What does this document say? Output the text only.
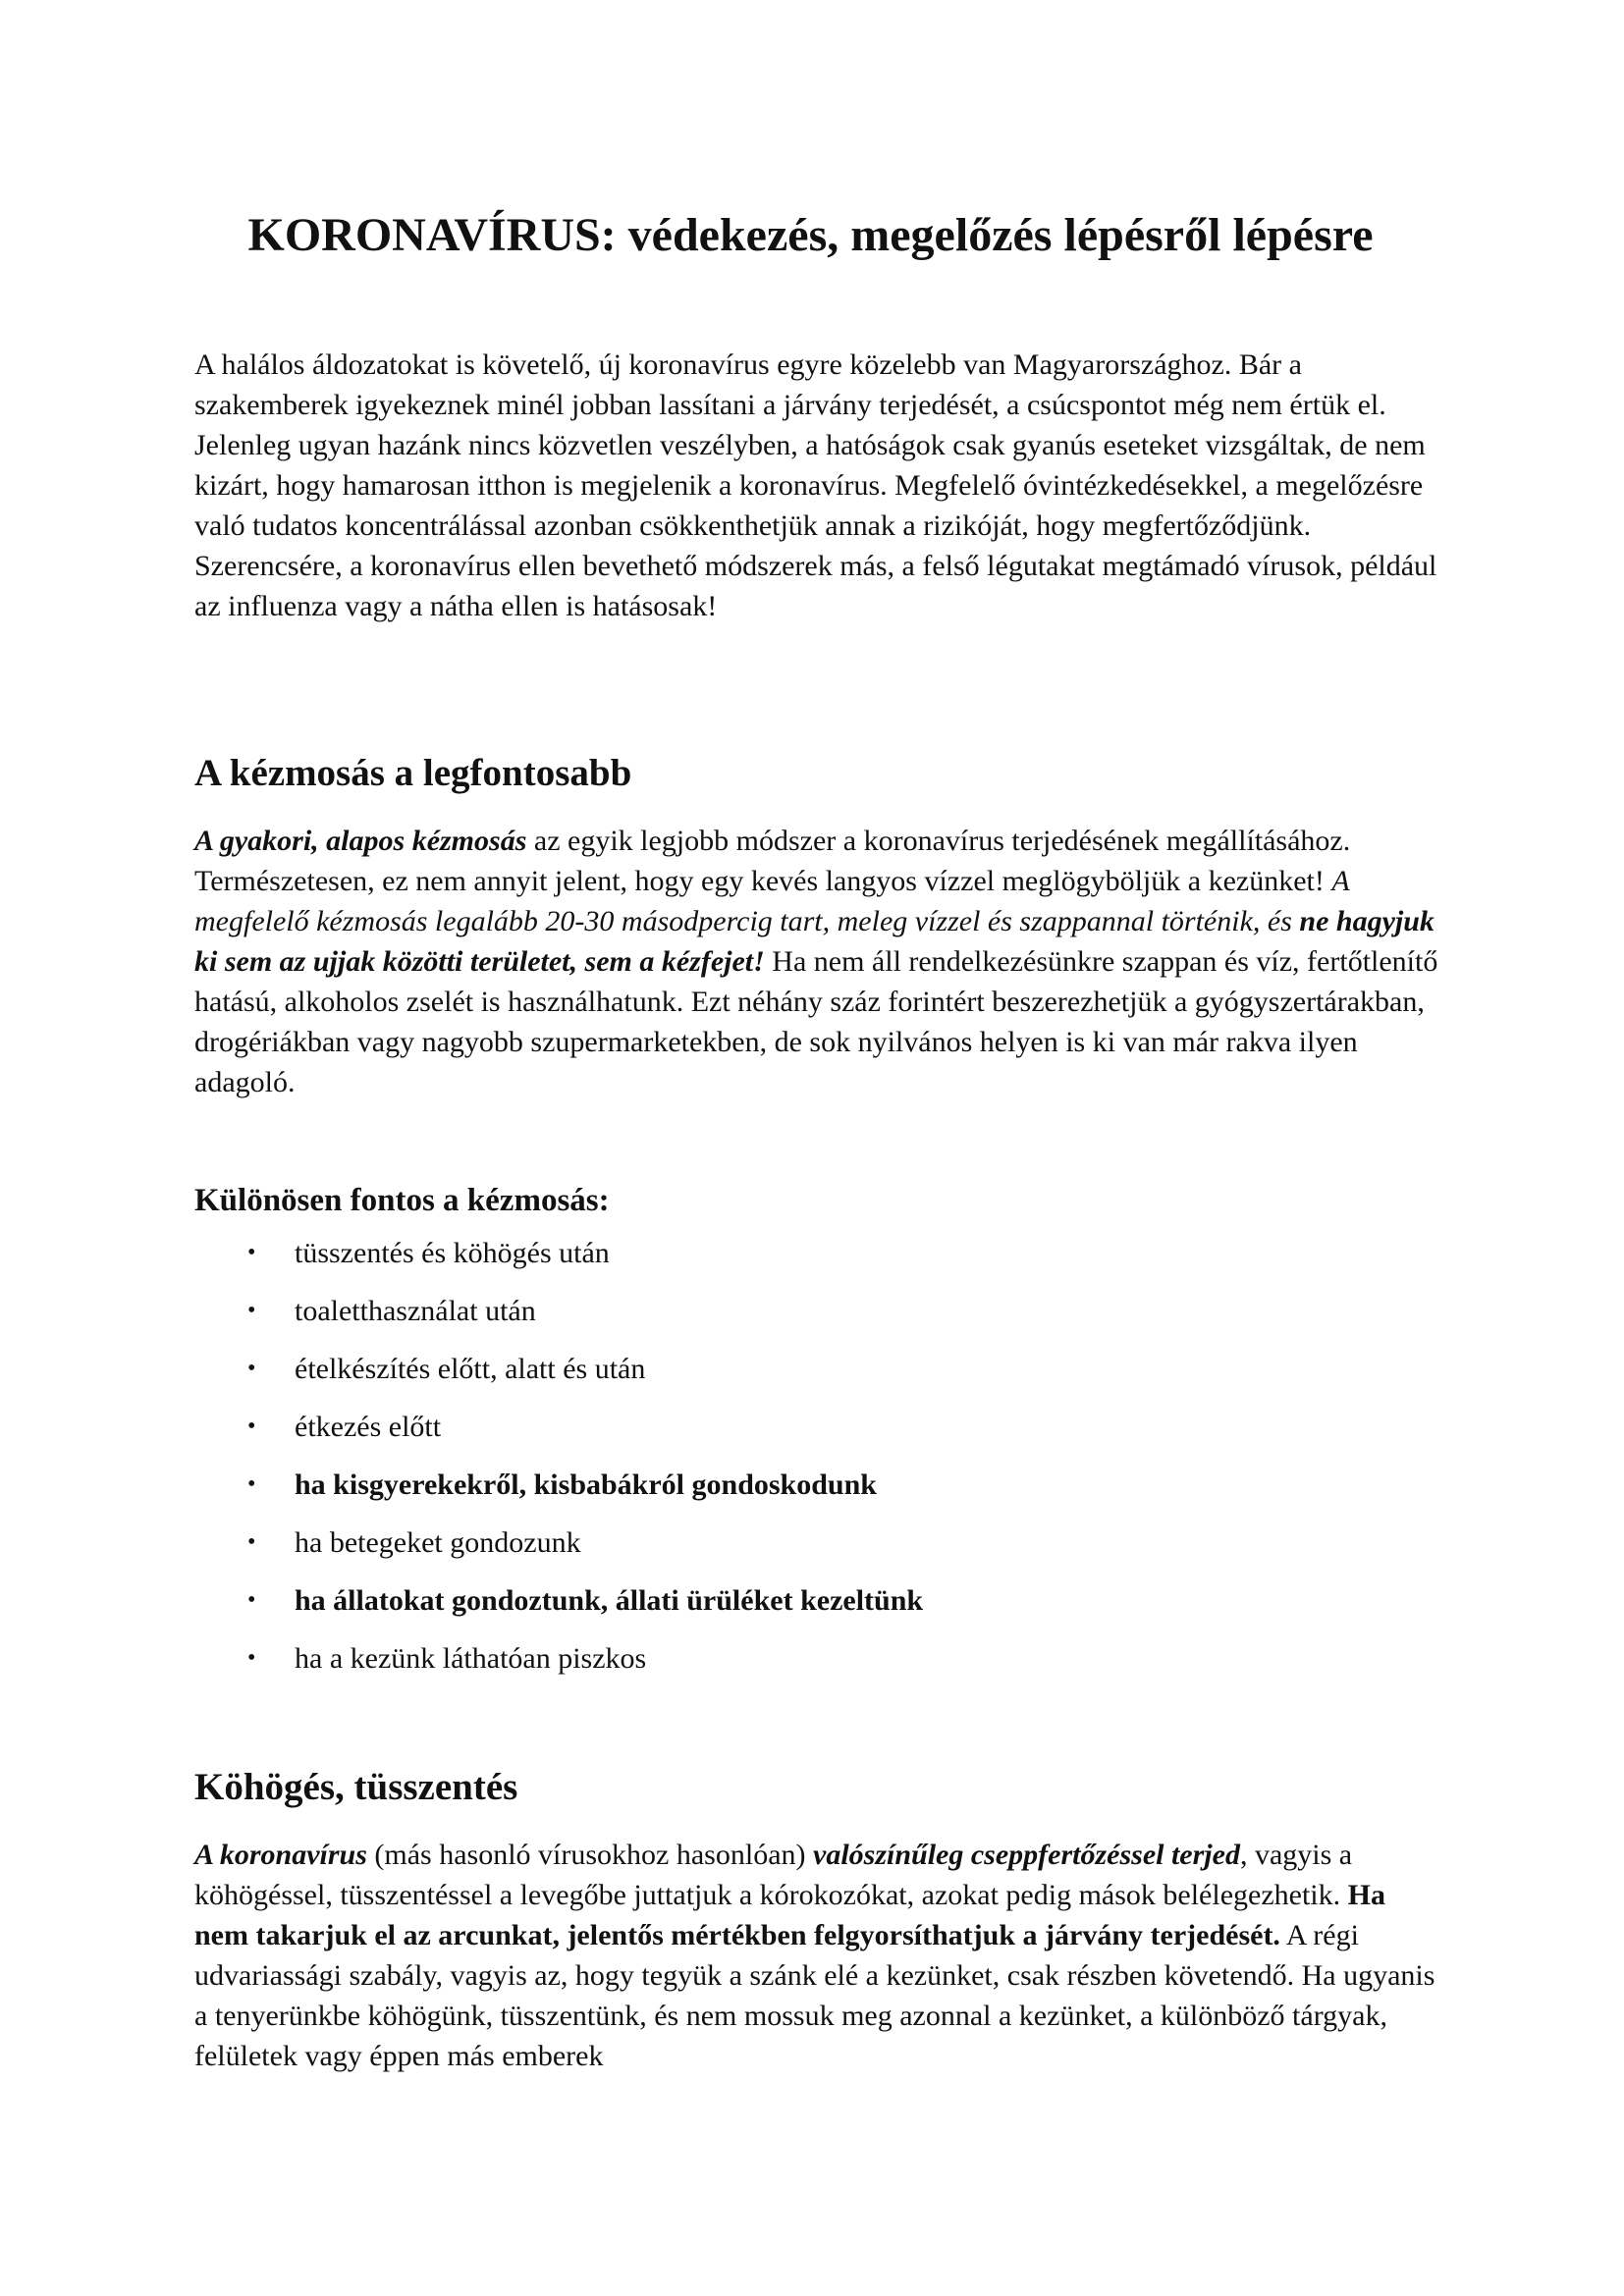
KORONAVÍRUS: védekezés, megelőzés lépésről lépésre

A halálos áldozatokat is követelő, új koronavírus egyre közelebb van Magyarországhoz. Bár a szakemberek igyekeznek minél jobban lassítani a járvány terjedését, a csúcspontot még nem értük el. Jelenleg ugyan hazánk nincs közvetlen veszélyben, a hatóságok csak gyanús eseteket vizsgáltak, de nem kizárt, hogy hamarosan itthon is megjelenik a koronavírus. Megfelelő óvintézkedésekkel, a megelőzésre való tudatos koncentrálással azonban csökkenthetjük annak a rizikóját, hogy megfertőződjünk. Szerencsére, a koronavírus ellen bevethető módszerek más, a felső légutakat megtámadó vírusok, például az influenza vagy a nátha ellen is hatásosak!

A kézmosás a legfontosabb

A gyakori, alapos kézmosás az egyik legjobb módszer a koronavírus terjedésének megállításához. Természetesen, ez nem annyit jelent, hogy egy kevés langyos vízzel meglögyböljük a kezünket! A megfelelő kézmosás legalább 20-30 másodpercig tart, meleg vízzel és szappannal történik, és ne hagyjuk ki sem az ujjak közötti területet, sem a kézfejet! Ha nem áll rendelkezésünkre szappan és víz, fertőtlenítő hatású, alkoholos zselét is használhatunk. Ezt néhány száz forintért beszerezhetjük a gyógyszertárakban, drogériákban vagy nagyobb szupermarketekben, de sok nyilvános helyen is ki van már rakva ilyen adagoló.

Különösen fontos a kézmosás:
• tüsszentés és köhögés után
• toaletthasználat után
• ételkészítés előtt, alatt és után
• étkezés előtt
• ha kisgyerekekről, kisbabákról gondoskodunk
• ha betegeket gondozunk
• ha állatokat gondoztunk, állati ürüléket kezeltünk
• ha a kezünk láthatóan piszkos
Köhögés, tüsszentés

A koronavírus (más hasonló vírusokhoz hasonlóan) valószínűleg cseppfertőzéssel terjed, vagyis a köhögéssel, tüsszentéssel a levegőbe juttatjuk a kórokozókat, azokat pedig mások belélegezhetik. Ha nem takarjuk el az arcunkat, jelentős mértékben felgyorsíthatjuk a járvány terjedését. A régi udvariassági szabály, vagyis az, hogy tegyük a szánk elé a kezünket, csak részben követendő. Ha ugyanis a tenyerünkbe köhögünk, tüsszentünk, és nem mossuk meg azonnal a kezünket, a különböző tárgyak, felületek vagy éppen más emberek
